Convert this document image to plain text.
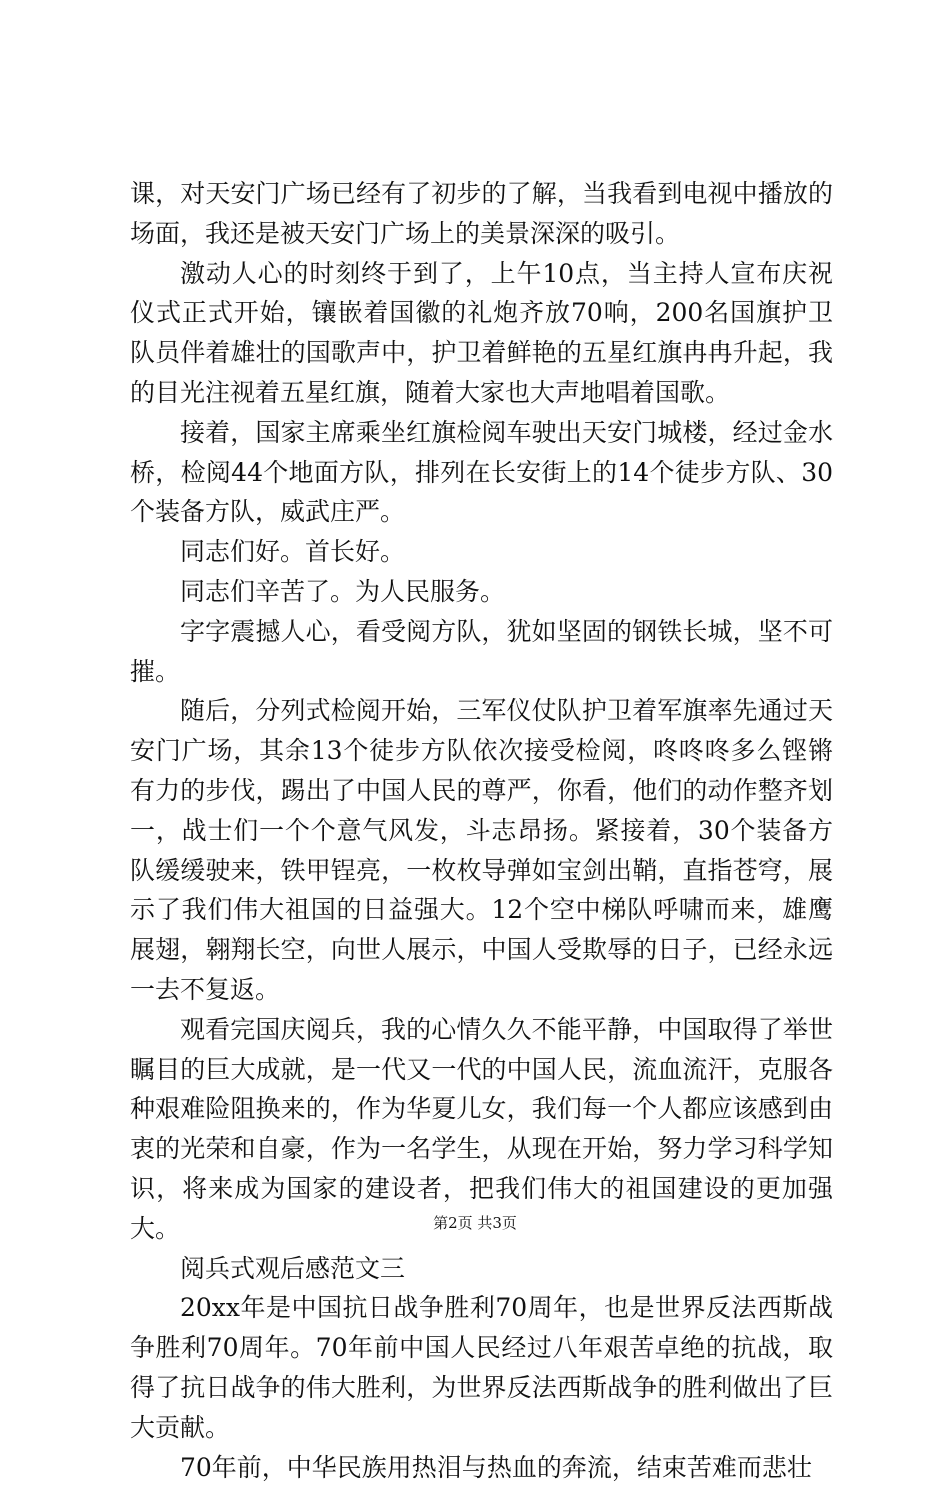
课，对天安门广场已经有了初步的了解，当我看到电视中播放的场面，我还是被天安门广场上的美景深深的吸引。

激动人心的时刻终于到了，上午10点，当主持人宣布庆祝仪式正式开始，镶嵌着国徽的礼炮齐放70响，200名国旗护卫队员伴着雄壮的国歌声中，护卫着鲜艳的五星红旗冉冉升起，我的目光注视着五星红旗，随着大家也大声地唱着国歌。

接着，国家主席乘坐红旗检阅车驶出天安门城楼，经过金水桥，检阅44个地面方队，排列在长安街上的14个徒步方队、30个装备方队，威武庄严。

同志们好。首长好。

同志们辛苦了。为人民服务。

字字震撼人心，看受阅方队，犹如坚固的钢铁长城，坚不可摧。

随后，分列式检阅开始，三军仪仗队护卫着军旗率先通过天安门广场，其余13个徒步方队依次接受检阅，咚咚咚多么铿锵有力的步伐，踢出了中国人民的尊严，你看，他们的动作整齐划一，战士们一个个意气风发，斗志昂扬。紧接着，30个装备方队缓缓驶来，铁甲锃亮，一枚枚导弹如宝剑出鞘，直指苍穹，展示了我们伟大祖国的日益强大。12个空中梯队呼啸而来，雄鹰展翅，翱翔长空，向世人展示，中国人受欺辱的日子，已经永远一去不复返。

观看完国庆阅兵，我的心情久久不能平静，中国取得了举世瞩目的巨大成就，是一代又一代的中国人民，流血流汗，克服各种艰难险阻换来的，作为华夏儿女，我们每一个人都应该感到由衷的光荣和自豪，作为一名学生，从现在开始，努力学习科学知识，将来成为国家的建设者，把我们伟大的祖国建设的更加强大。

阅兵式观后感范文三

20xx年是中国抗日战争胜利70周年，也是世界反法西斯战争胜利70周年。70年前中国人民经过八年艰苦卓绝的抗战，取得了抗日战争的伟大胜利，为世界反法西斯战争的胜利做出了巨大贡献。

70年前，中华民族用热泪与热血的奔流，结束苦难而悲壮

第2页 共3页
